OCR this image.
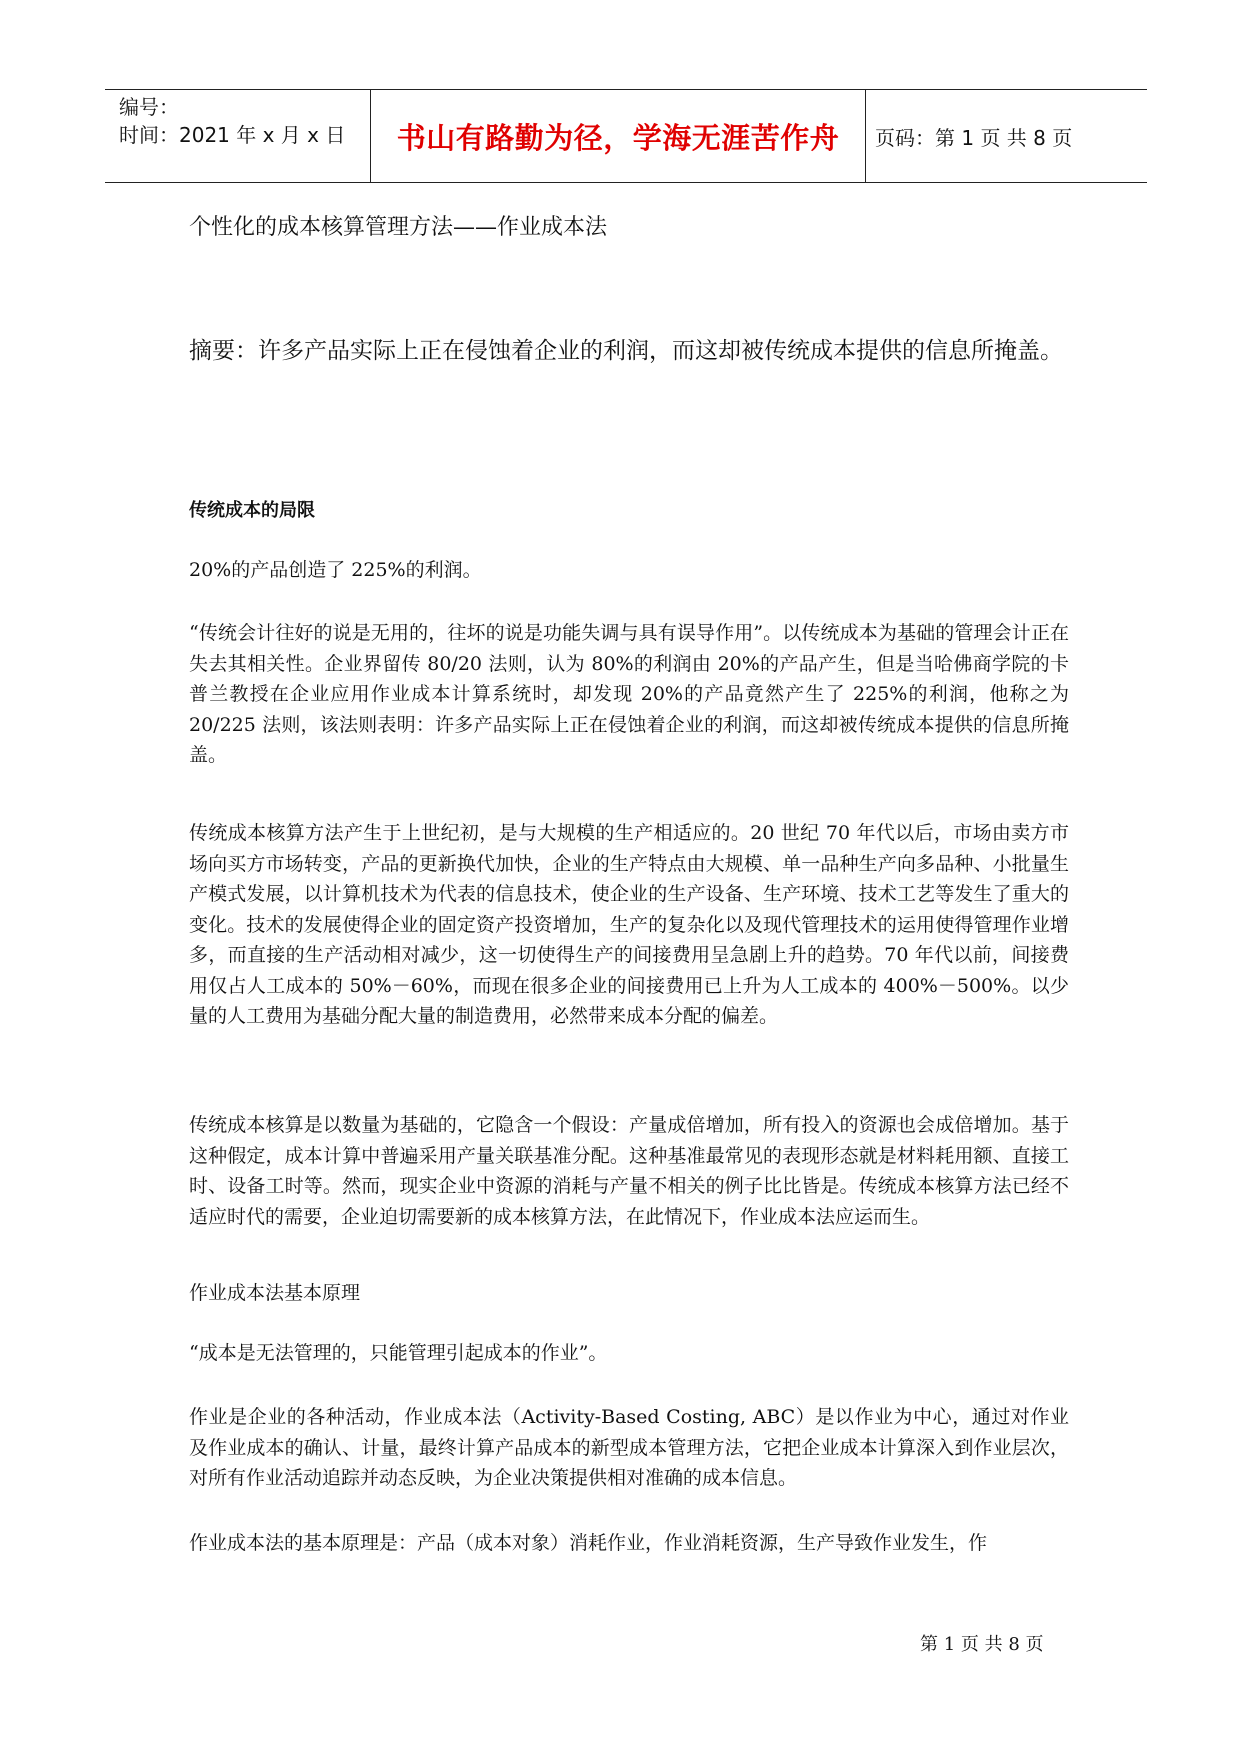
编号：
时间：2021 年 x 月 x 日	书山有路勤为径，学海无涯苦作舟	页码：第 1 页 共 8 页
个性化的成本核算管理方法——作业成本法

摘要：许多产品实际上正在侵蚀着企业的利润，而这却被传统成本提供的信息所掩盖。

传统成本的局限

20%的产品创造了 225%的利润。

“传统会计往好的说是无用的，往坏的说是功能失调与具有误导作用”。以传统成本为基础的管理会计正在失去其相关性。企业界留传 80/20 法则，认为 80%的利润由 20%的产品产生，但是当哈佛商学院的卡普兰教授在企业应用作业成本计算系统时，却发现 20%的产品竟然产生了 225%的利润，他称之为 20/225 法则，该法则表明：许多产品实际上正在侵蚀着企业的利润，而这却被传统成本提供的信息所掩盖。

传统成本核算方法产生于上世纪初，是与大规模的生产相适应的。20 世纪 70 年代以后，市场由卖方市场向买方市场转变，产品的更新换代加快，企业的生产特点由大规模、单一品种生产向多品种、小批量生产模式发展，以计算机技术为代表的信息技术，使企业的生产设备、生产环境、技术工艺等发生了重大的变化。技术的发展使得企业的固定资产投资增加，生产的复杂化以及现代管理技术的运用使得管理作业增多，而直接的生产活动相对减少，这一切使得生产的间接费用呈急剧上升的趋势。70 年代以前，间接费用仅占人工成本的 50%－60%，而现在很多企业的间接费用已上升为人工成本的 400%－500%。以少量的人工费用为基础分配大量的制造费用，必然带来成本分配的偏差。

传统成本核算是以数量为基础的，它隐含一个假设：产量成倍增加，所有投入的资源也会成倍增加。基于这种假定，成本计算中普遍采用产量关联基准分配。这种基准最常见的表现形态就是材料耗用额、直接工时、设备工时等。然而，现实企业中资源的消耗与产量不相关的例子比比皆是。传统成本核算方法已经不适应时代的需要，企业迫切需要新的成本核算方法，在此情况下，作业成本法应运而生。

作业成本法基本原理

“成本是无法管理的，只能管理引起成本的作业”。

作业是企业的各种活动，作业成本法（Activity-Based Costing, ABC）是以作业为中心，通过对作业及作业成本的确认、计量，最终计算产品成本的新型成本管理方法，它把企业成本计算深入到作业层次，对所有作业活动追踪并动态反映，为企业决策提供相对准确的成本信息。

作业成本法的基本原理是：产品（成本对象）消耗作业，作业消耗资源，生产导致作业发生，作

第 1 页 共 8 页
